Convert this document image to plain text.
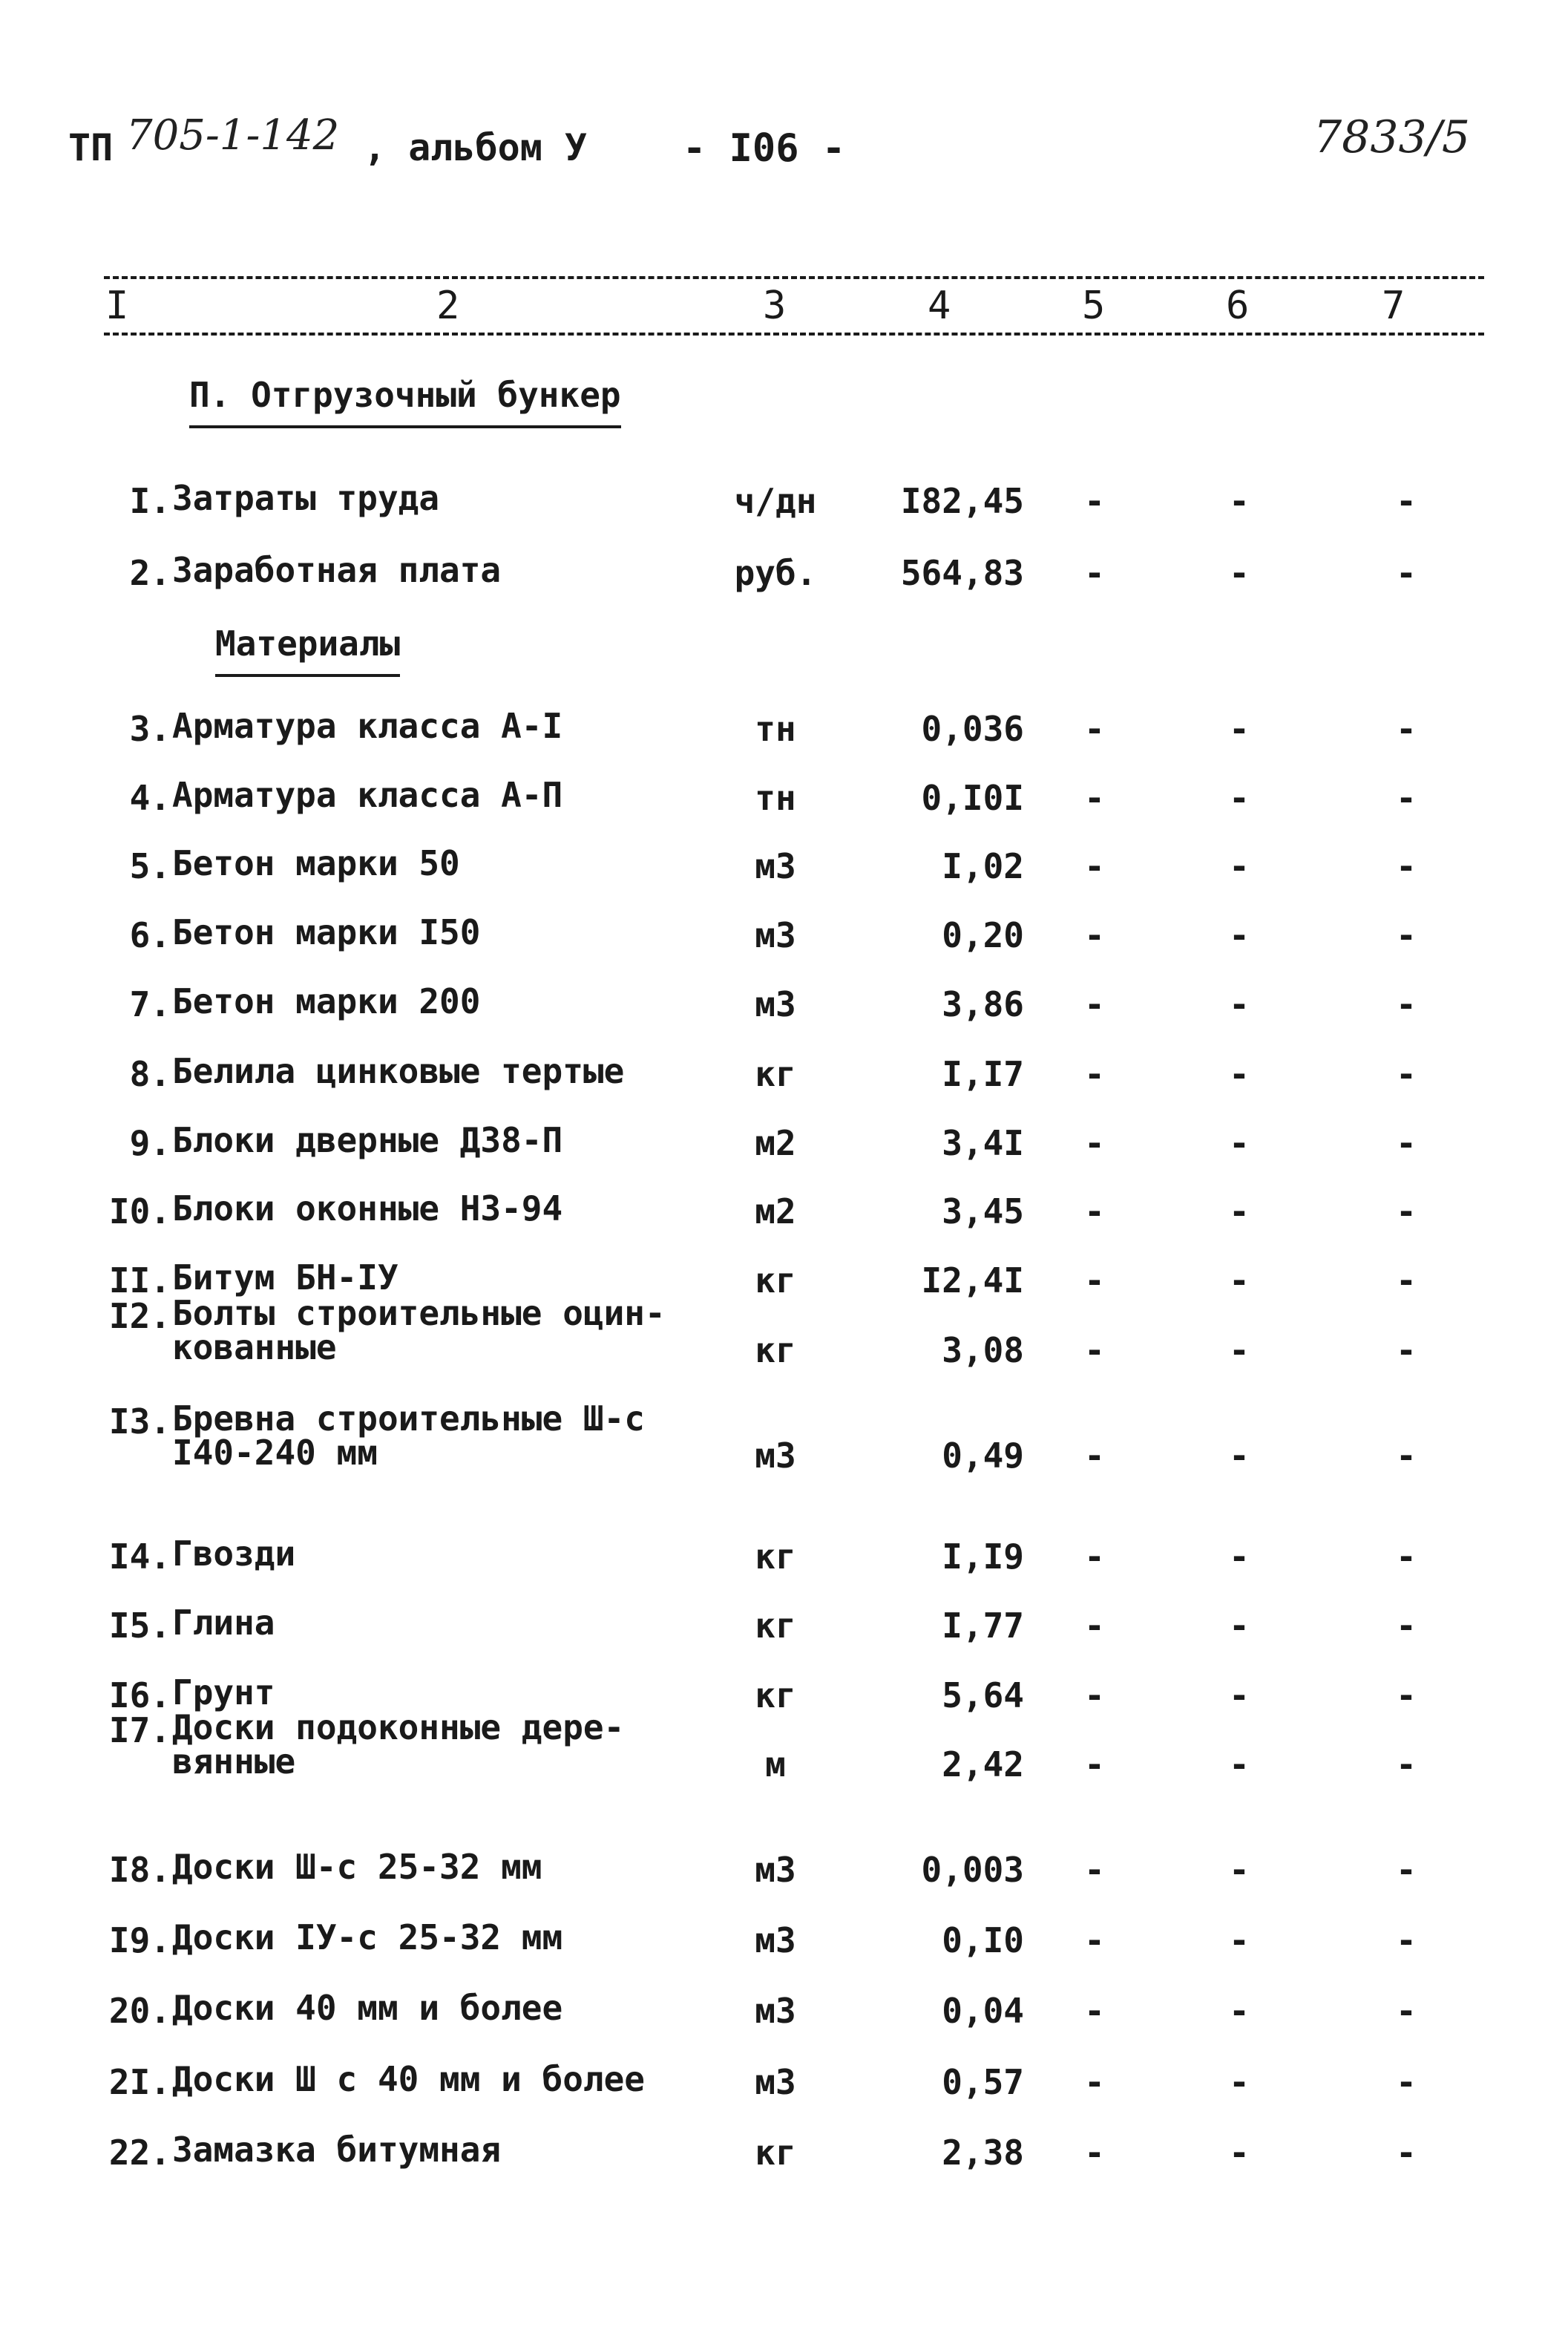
ТП 705-1-142 , альбом У - I06 -	7833/5
I	2	3	4	5	6	7
П. Отгрузочный бункер
Материалы
I. Затраты труда	ч/дн	I82,45	-	-	-
2. Заработная плата	руб.	564,83	-	-	-
3. Арматура класса А-I	тн	0,036	-	-	-
4. Арматура класса А-П	тн	0,I0I	-	-	-
5. Бетон марки 50	м3	I,02	-	-	-
6. Бетон марки I50	м3	0,20	-	-	-
7. Бетон марки 200	м3	3,86	-	-	-
8. Белила цинковые тертые	кг	I,I7	-	-	-
9. Блоки дверные Д38-П	м2	3,4I	-	-	-
I0. Блоки оконные Н3-94	м2	3,45	-	-	-
II. Битум БН-IУ	кг	I2,4I	-	-	-
I2. Болты строительные оцин-
кованные	кг	3,08	-	-	-
I3. Бревна строительные Ш-с
I40-240 мм	м3	0,49	-	-	-
I4. Гвозди	кг	I,I9	-	-	-
I5. Глина	кг	I,77	-	-	-
I6. Грунт	кг	5,64	-	-	-
I7. Доски подоконные дере-
вянные	м	2,42	-	-	-
I8. Доски Ш-с 25-32 мм	м3	0,003	-	-	-
I9. Доски IУ-с 25-32 мм	м3	0,I0	-	-	-
20. Доски 40 мм и более	м3	0,04	-	-	-
2I. Доски Ш с 40 мм и более	м3	0,57	-	-	-
22. Замазка битумная	кг	2,38	-	-	-
